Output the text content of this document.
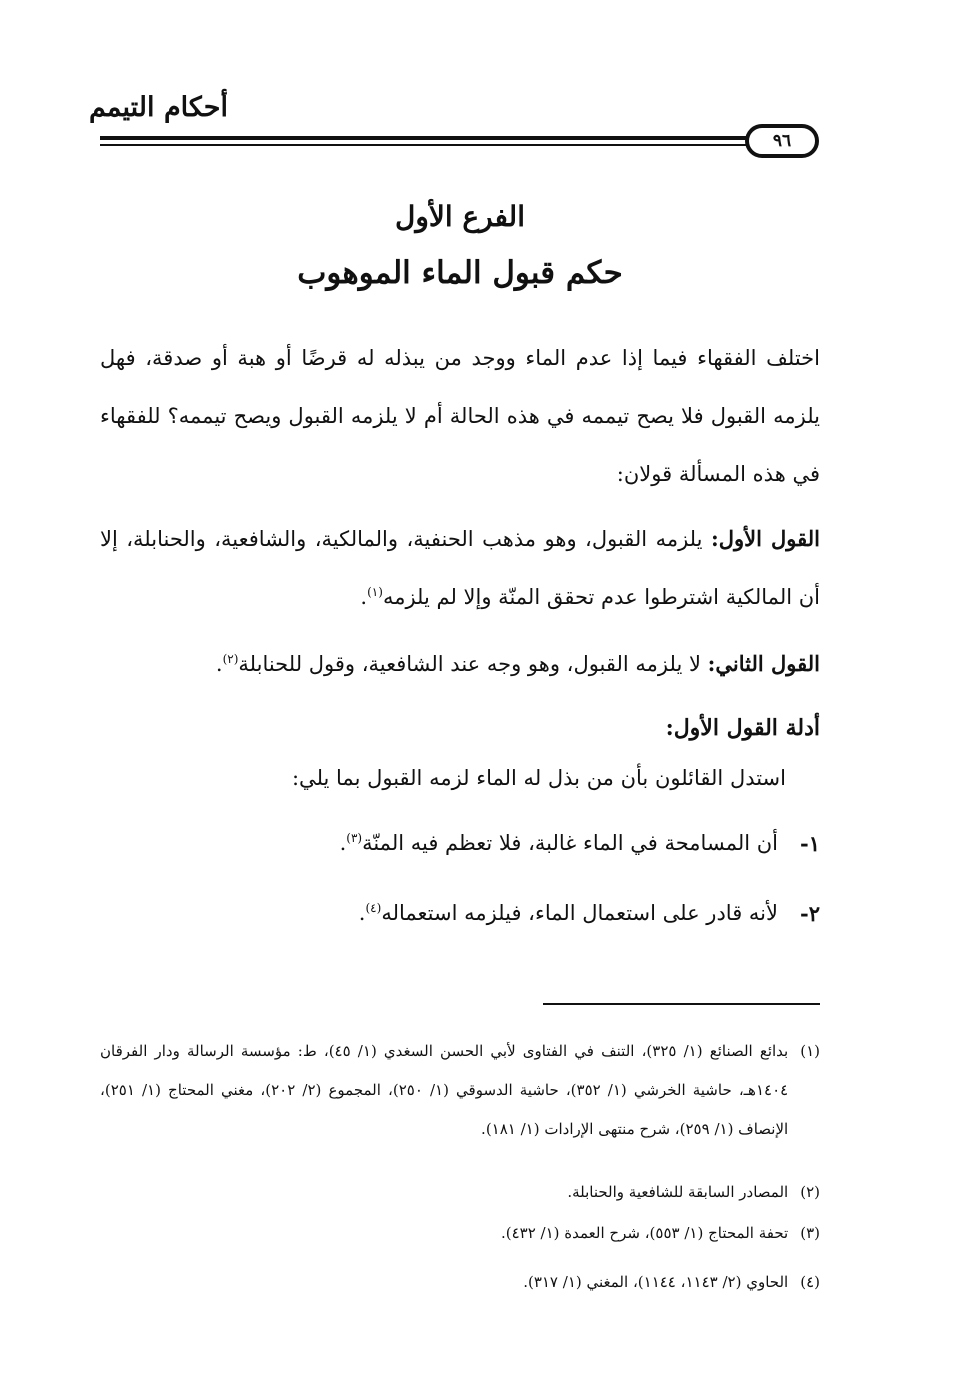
أحكام التيمم
٩٦
الفرع الأول
حكم قبول الماء الموهوب

اختلف الفقهاء فيما إذا عدم الماء ووجد من يبذله له قرضًا أو هبة أو صدقة، فهل يلزمه القبول فلا يصح تيممه في هذه الحالة أم لا يلزمه القبول ويصح تيممه؟ للفقهاء في هذه المسألة قولان:

القول الأول: يلزمه القبول، وهو مذهب الحنفية، والمالكية، والشافعية، والحنابلة، إلا أن المالكية اشترطوا عدم تحقق المنّة وإلا لم يلزمه$^{(١)}$.

القول الثاني: لا يلزمه القبول، وهو وجه عند الشافعية، وقول للحنابلة$^{(٢)}$.

أدلة القول الأول:

استدل القائلون بأن من بذل له الماء لزمه القبول بما يلي:

١-
أن المسامحة في الماء غالبة، فلا تعظم فيه المنّة$^{(٣)}$.

٢-
لأنه قادر على استعمال الماء، فيلزمه استعماله$^{(٤)}$.

(١)
بدائع الصنائع (١/ ٣٢٥)، التنف في الفتاوى لأبي الحسن السغدي (١/ ٤٥)، ط: مؤسسة الرسالة ودار الفرقان ١٤٠٤هـ، حاشية الخرشي (١/ ٣٥٢)، حاشية الدسوقي (١/ ٢٥٠)، المجموع (٢/ ٢٠٢)، مغني المحتاج (١/ ٢٥١)، الإنصاف (١/ ٢٥٩)، شرح منتهى الإرادات (١/ ١٨١).

(٢)
المصادر السابقة للشافعية والحنابلة.

(٣)
تحفة المحتاج (١/ ٥٥٣)، شرح العمدة (١/ ٤٣٢).

(٤)
الحاوي (٢/ ١١٤٣، ١١٤٤)، المغني (١/ ٣١٧).
